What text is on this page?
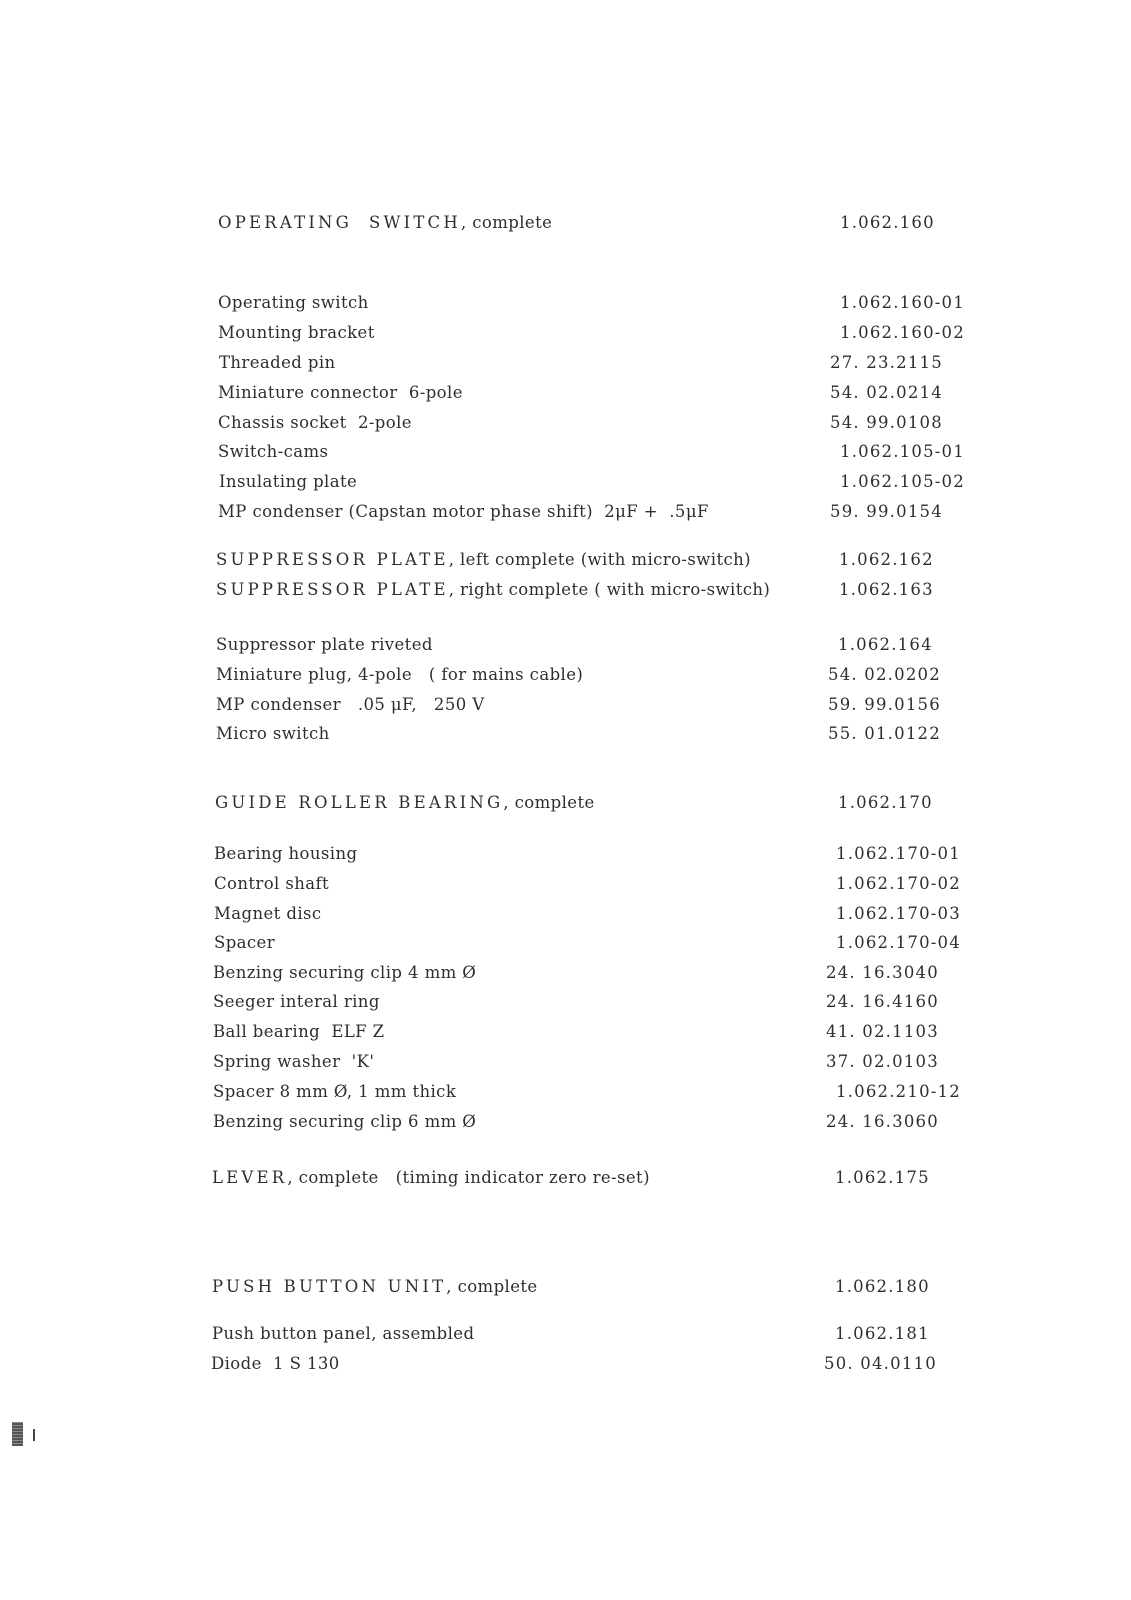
OPERATING  SWITCH, complete	1.062.160
Operating switch	1.062.160-01
Mounting bracket	1.062.160-02
Threaded pin	27. 23.2115
Miniature connector  6-pole	54. 02.0214
Chassis socket  2-pole	54. 99.0108
Switch-cams	1.062.105-01
Insulating plate	1.062.105-02
MP condenser (Capstan motor phase shift)  2μF +  .5μF	59. 99.0154
SUPPRESSOR PLATE, left complete (with micro-switch)	1.062.162
SUPPRESSOR PLATE, right complete ( with micro-switch)	1.062.163
Suppressor plate riveted	1.062.164
Miniature plug, 4-pole   ( for mains cable)	54. 02.0202
MP condenser   .05 μF,   250 V	59. 99.0156
Micro switch	55. 01.0122
GUIDE ROLLER BEARING, complete	1.062.170
Bearing housing	1.062.170-01
Control shaft	1.062.170-02
Magnet disc	1.062.170-03
Spacer	1.062.170-04
Benzing securing clip 4 mm Ø	24. 16.3040
Seeger interal ring	24. 16.4160
Ball bearing  ELF Z	41. 02.1103
Spring washer  'K'	37. 02.0103
Spacer 8 mm Ø, 1 mm thick	1.062.210-12
Benzing securing clip 6 mm Ø	24. 16.3060
LEVER, complete   (timing indicator zero re-set)	1.062.175
PUSH BUTTON UNIT, complete	1.062.180
Push button panel, assembled	1.062.181
Diode  1 S 130	50. 04.0110
